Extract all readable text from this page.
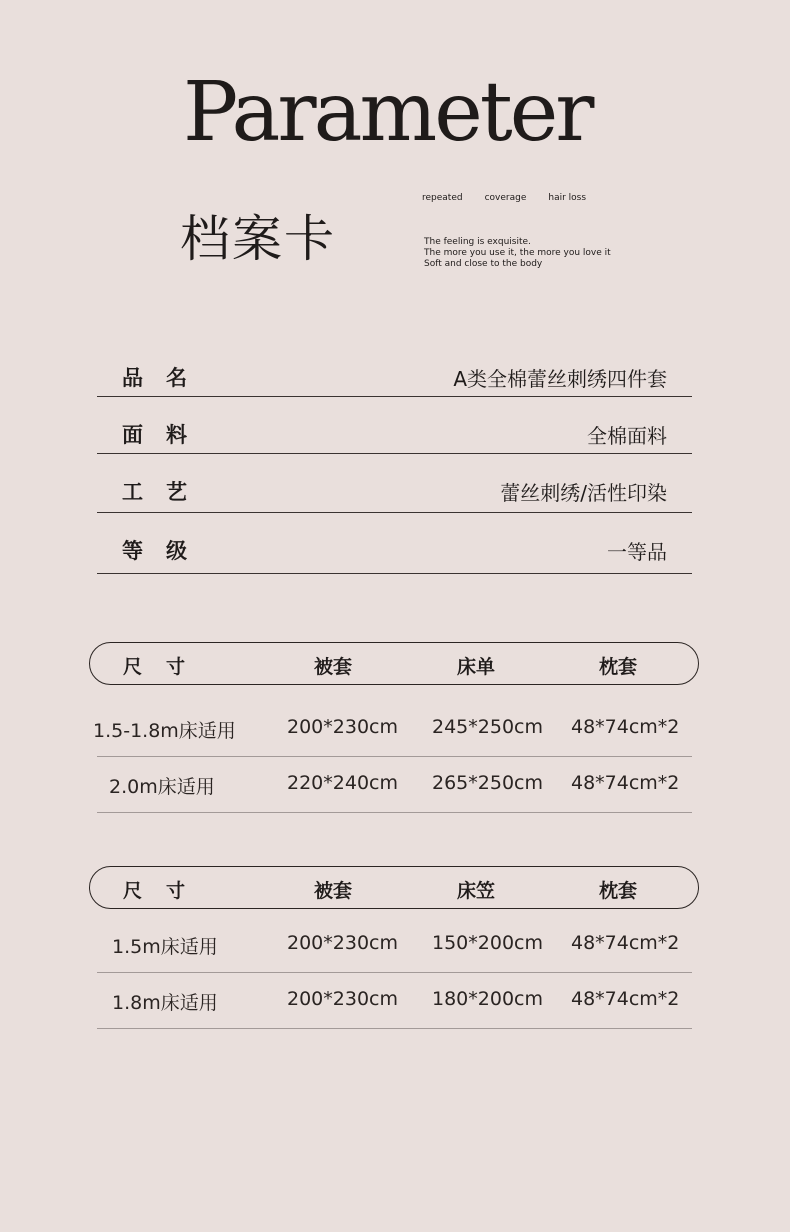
Parameter
档案卡
repeated coverage hair loss
The feeling is exquisite.
The more you use it, the more you love it
Soft and close to the body
品名	A类全棉蕾丝刺绣四件套
面料	全棉面料
工艺	蕾丝刺绣/活性印染
等级	一等品
尺寸	被套	床单	枕套
1.5-1.8m床适用	200*230cm 245*250cm 48*74cm*2
2.0m床适用	220*240cm 265*250cm 48*74cm*2
尺寸	被套	床笠	枕套
1.5m床适用	200*230cm 150*200cm 48*74cm*2
1.8m床适用	200*230cm 180*200cm 48*74cm*2
